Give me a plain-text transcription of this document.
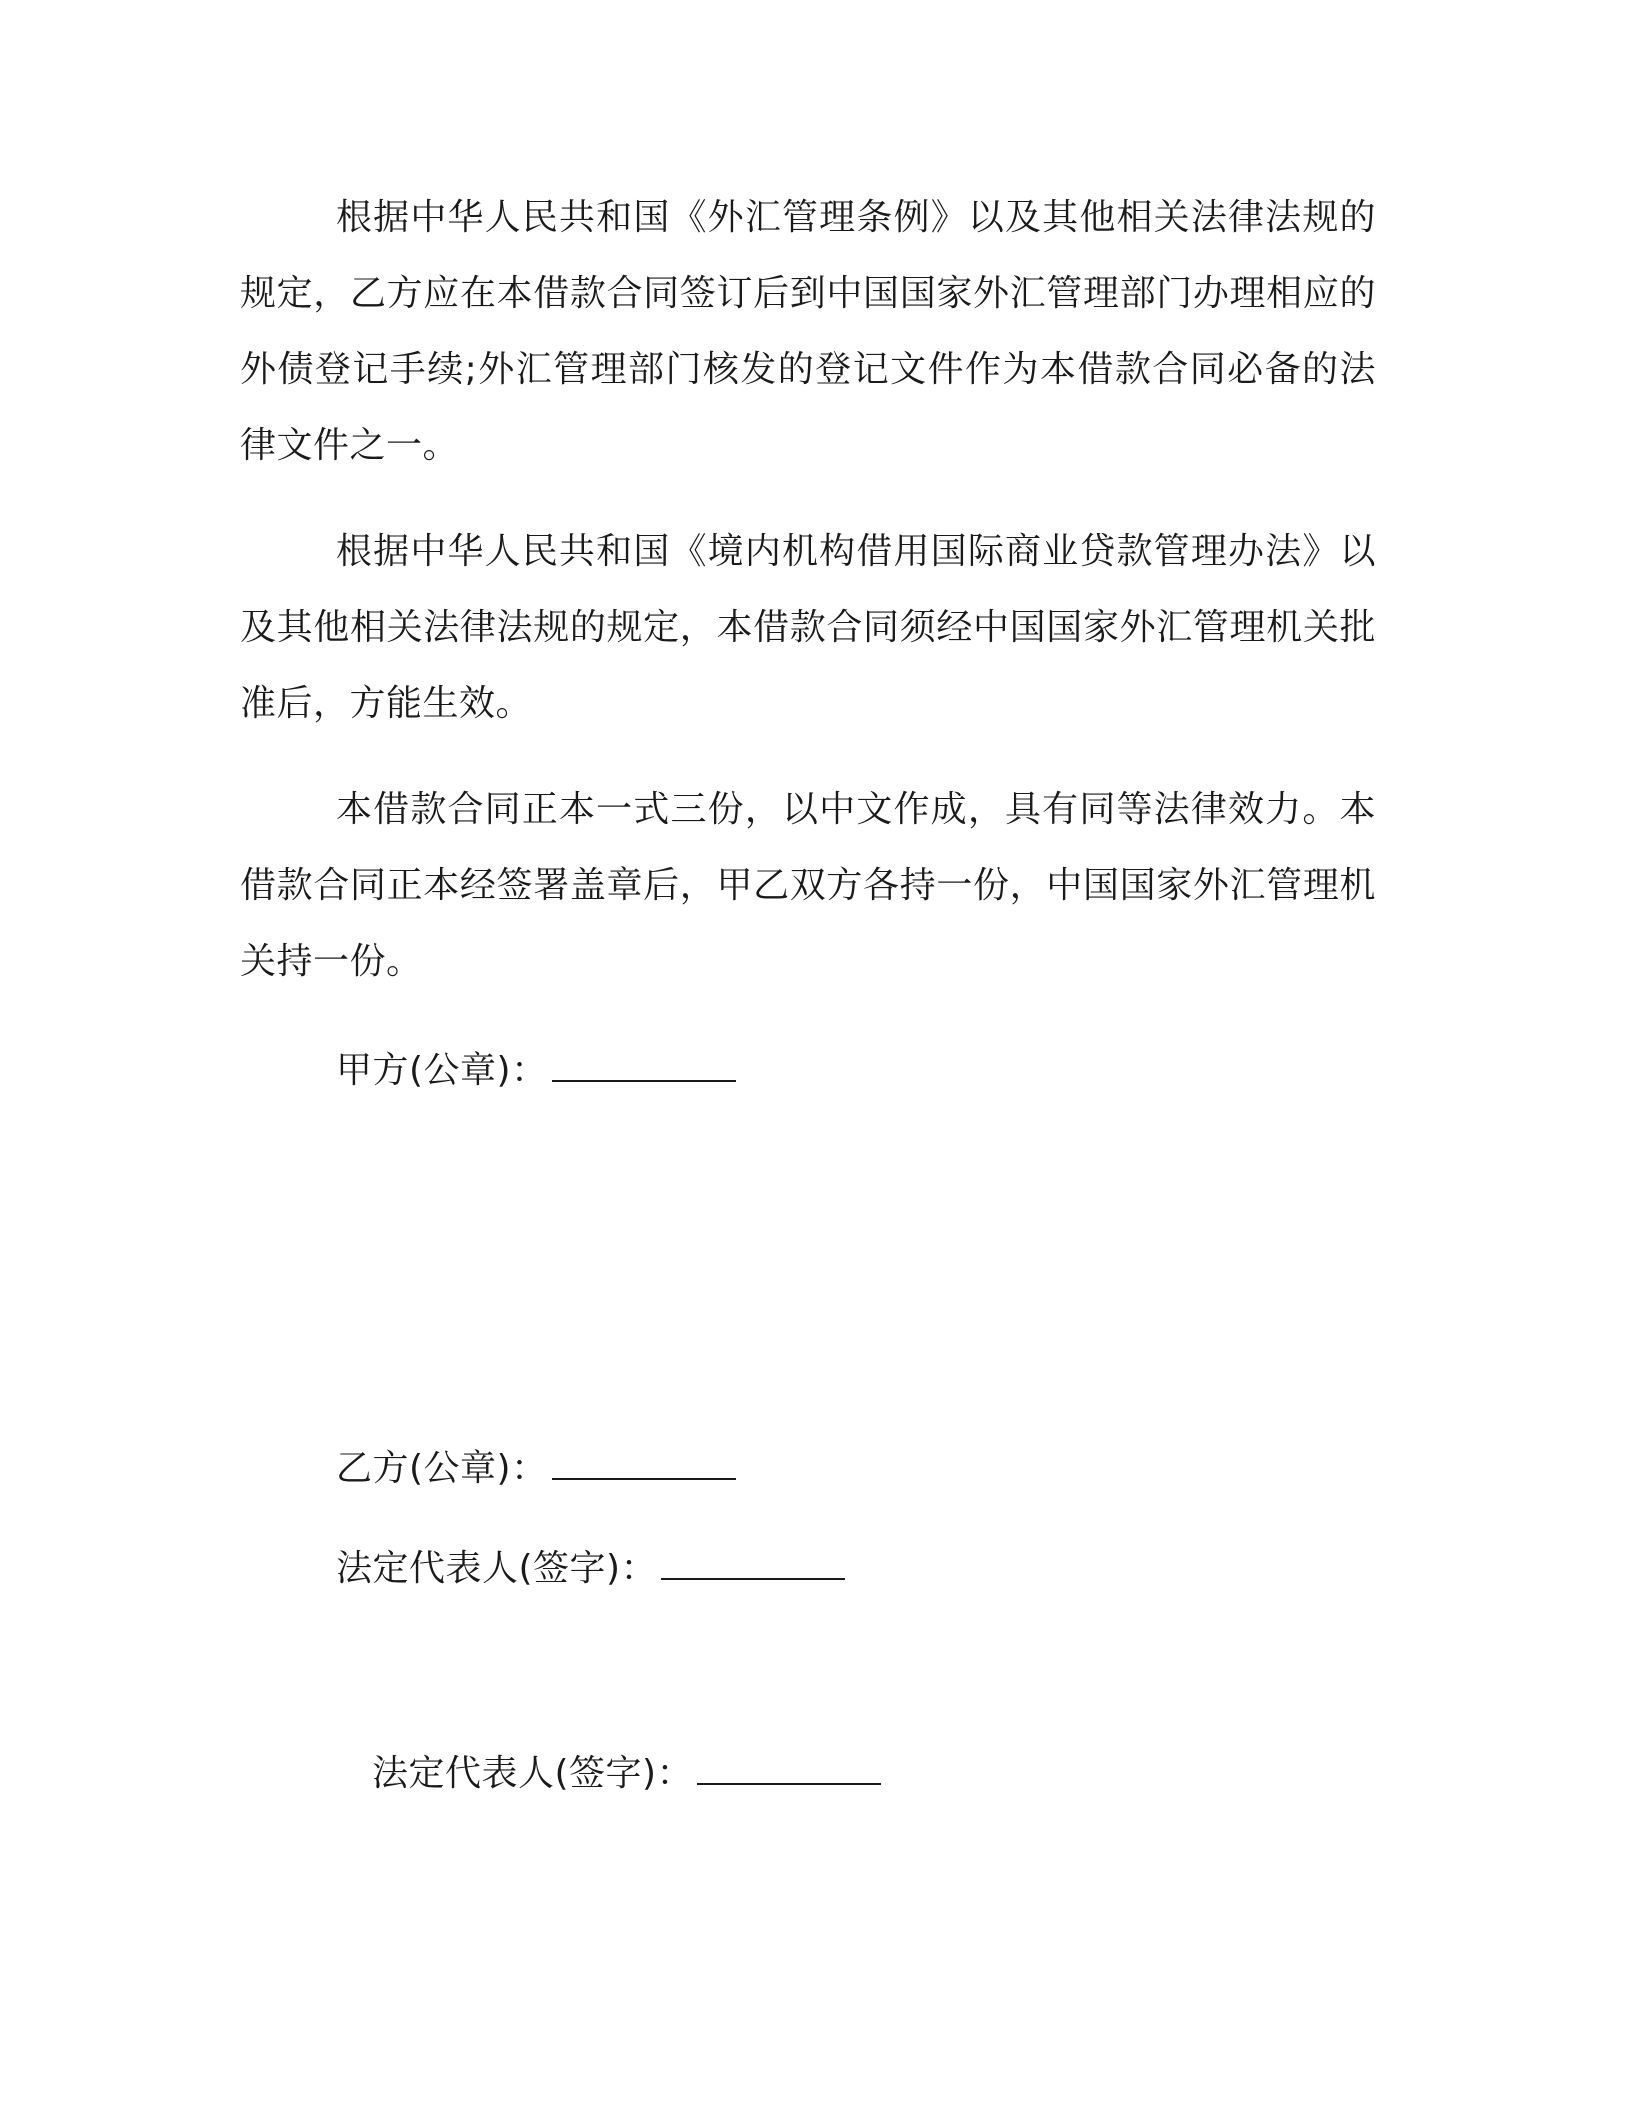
根据中华人民共和国《外汇管理条例》以及其他相关法律法规的规定，乙方应在本借款合同签订后到中国国家外汇管理部门办理相应的外债登记手续;外汇管理部门核发的登记文件作为本借款合同必备的法律文件之一。

根据中华人民共和国《境内机构借用国际商业贷款管理办法》以及其他相关法律法规的规定，本借款合同须经中国国家外汇管理机关批准后，方能生效。

本借款合同正本一式三份，以中文作成，具有同等法律效力。本借款合同正本经签署盖章后，甲乙双方各持一份，中国国家外汇管理机关持一份。

甲方(公章)：
乙方(公章)：
法定代表人(签字)：
法定代表人(签字)：
